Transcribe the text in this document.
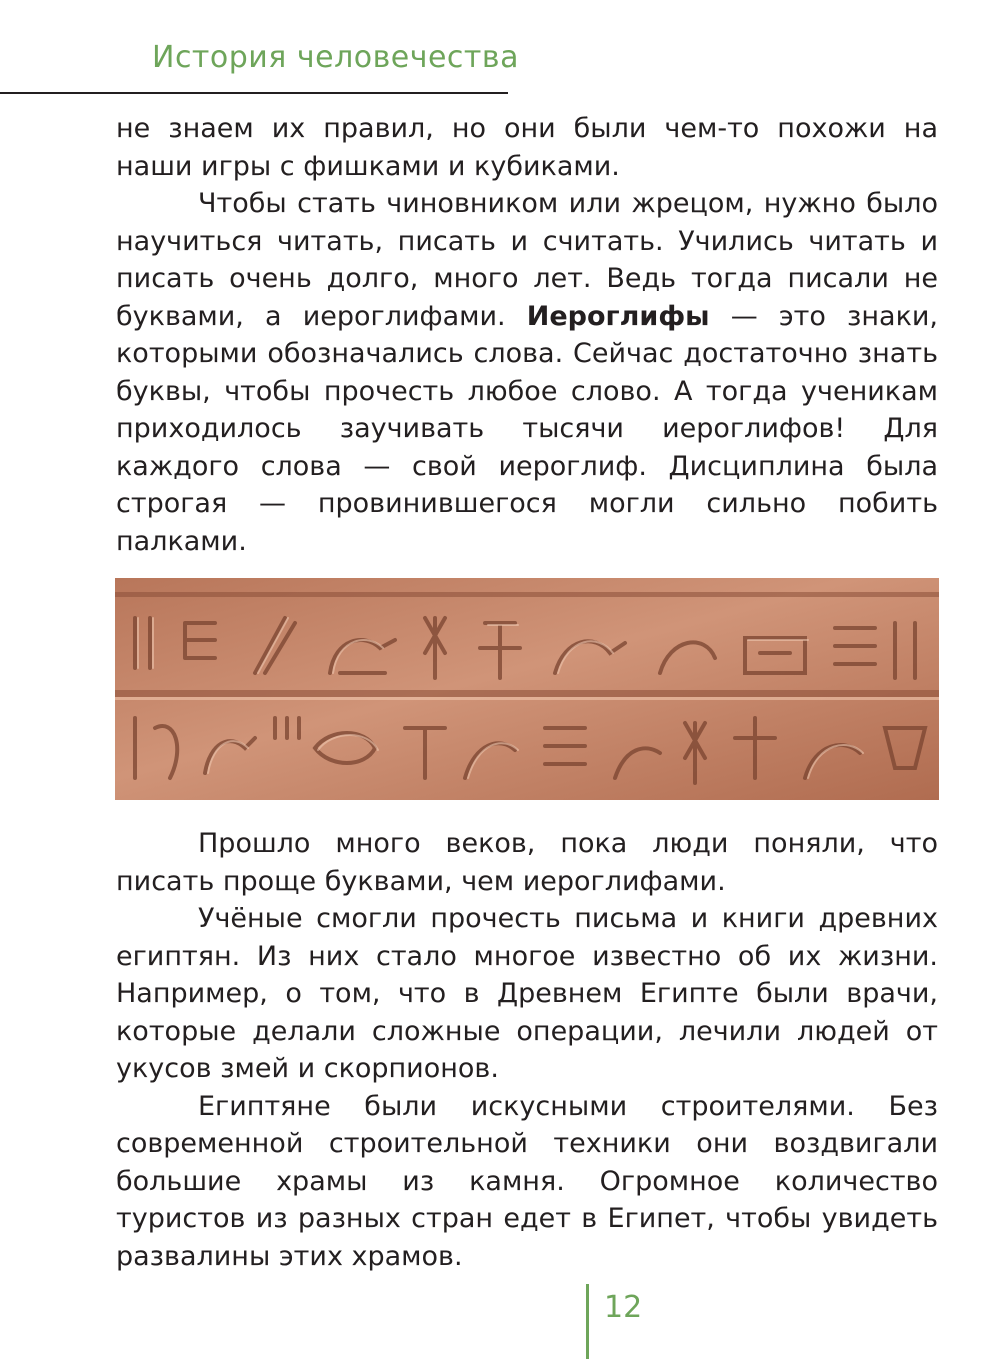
История человечества

не знаем их правил, но они были чем-то похожи на наши игры с фишками и кубиками.

Чтобы стать чиновником или жрецом, нужно было научиться читать, писать и считать. Учились читать и писать очень долго, много лет. Ведь тогда писали не буквами, а иероглифами. Иероглифы — это знаки, которыми обозначались слова. Сейчас достаточно знать буквы, чтобы прочесть любое слово. А тогда ученикам приходилось заучивать тысячи иероглифов! Для каждого слова — свой иероглиф. Дисциплина была строгая — провинившегося могли сильно побить палками.

Прошло много веков, пока люди поняли, что писать проще буквами, чем иероглифами.

Учёные смогли прочесть письма и книги древних египтян. Из них стало многое известно об их жизни. Например, о том, что в Древнем Египте были врачи, которые делали сложные операции, лечили людей от укусов змей и скорпионов.

Египтяне были искусными строителями. Без современной строительной техники они воздвигали большие храмы из камня. Огромное количество туристов из разных стран едет в Египет, чтобы увидеть развалины этих храмов.

12
